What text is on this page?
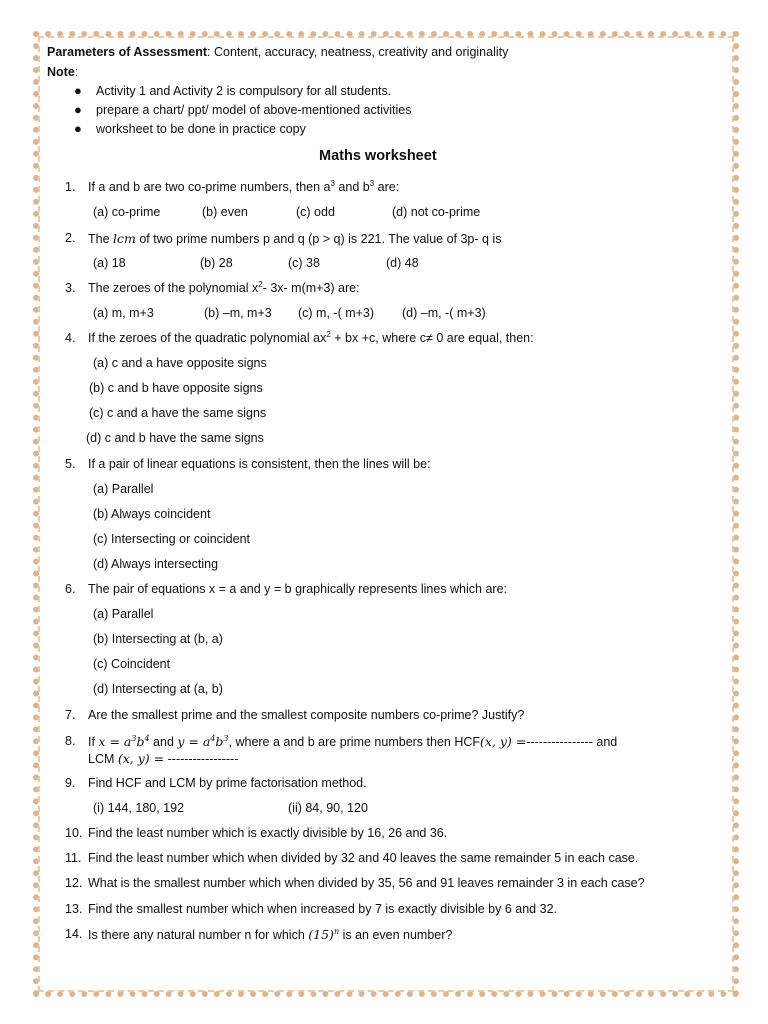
Parameters of Assessment: Content, accuracy, neatness, creativity and originality
Note:
● Activity 1 and Activity 2 is compulsory for all students.
● prepare a chart/ ppt/ model of above-mentioned activities
● worksheet to be done in practice copy
Maths worksheet
1. If a and b are two co-prime numbers, then $a^3$ and $b^3$ are:
(a) co-prime	(b) even	(c) odd	(d) not co-prime
2. The lcm of two prime numbers p and q (p > q) is 221. The value of 3p- q is
(a) 18	(b) 28	(c) 38	(d) 48
3. The zeroes of the polynomial $x^2-$ 3x- m(m+3) are:
(a) m, m+3	(b) –m, m+3 (c) m, -( m+3) (d) –m, -( m+3)
4. If the zeroes of the quadratic polynomial $ax^2$ + bx +c, where c≠ 0 are equal, then:
(a) c and a have opposite signs
(b) c and b have opposite signs
(c) c and a have the same signs
(d) c and b have the same signs
5. If a pair of linear equations is consistent, then the lines will be:
(a) Parallel
(b) Always coincident
(c) Intersecting or coincident
(d) Always intersecting
6. The pair of equations x = a and y = b graphically represents lines which are:
(a) Parallel
(b) Intersecting at (b, a)
(c) Coincident
(d) Intersecting at (a, b)
7. Are the smallest prime and the smallest composite numbers co-prime? Justify?
8. If $x = a^3b^4$ and $y = a^4b^3$, where a and b are prime numbers then HCF(x, y) =---------------- and
LCM (x, y) = -----------------
9. Find HCF and LCM by prime factorisation method.
(i) 144, 180, 192	(ii) 84, 90, 120
10. Find the least number which is exactly divisible by 16, 26 and 36.
11. Find the least number which when divided by 32 and 40 leaves the same remainder 5 in each case.
12. What is the smallest number which when divided by 35, 56 and 91 leaves remainder 3 in each case?
13. Find the smallest number which when increased by 7 is exactly divisible by 6 and 32.
14. Is there any natural number n for which $(15)^n$ is an even number?
